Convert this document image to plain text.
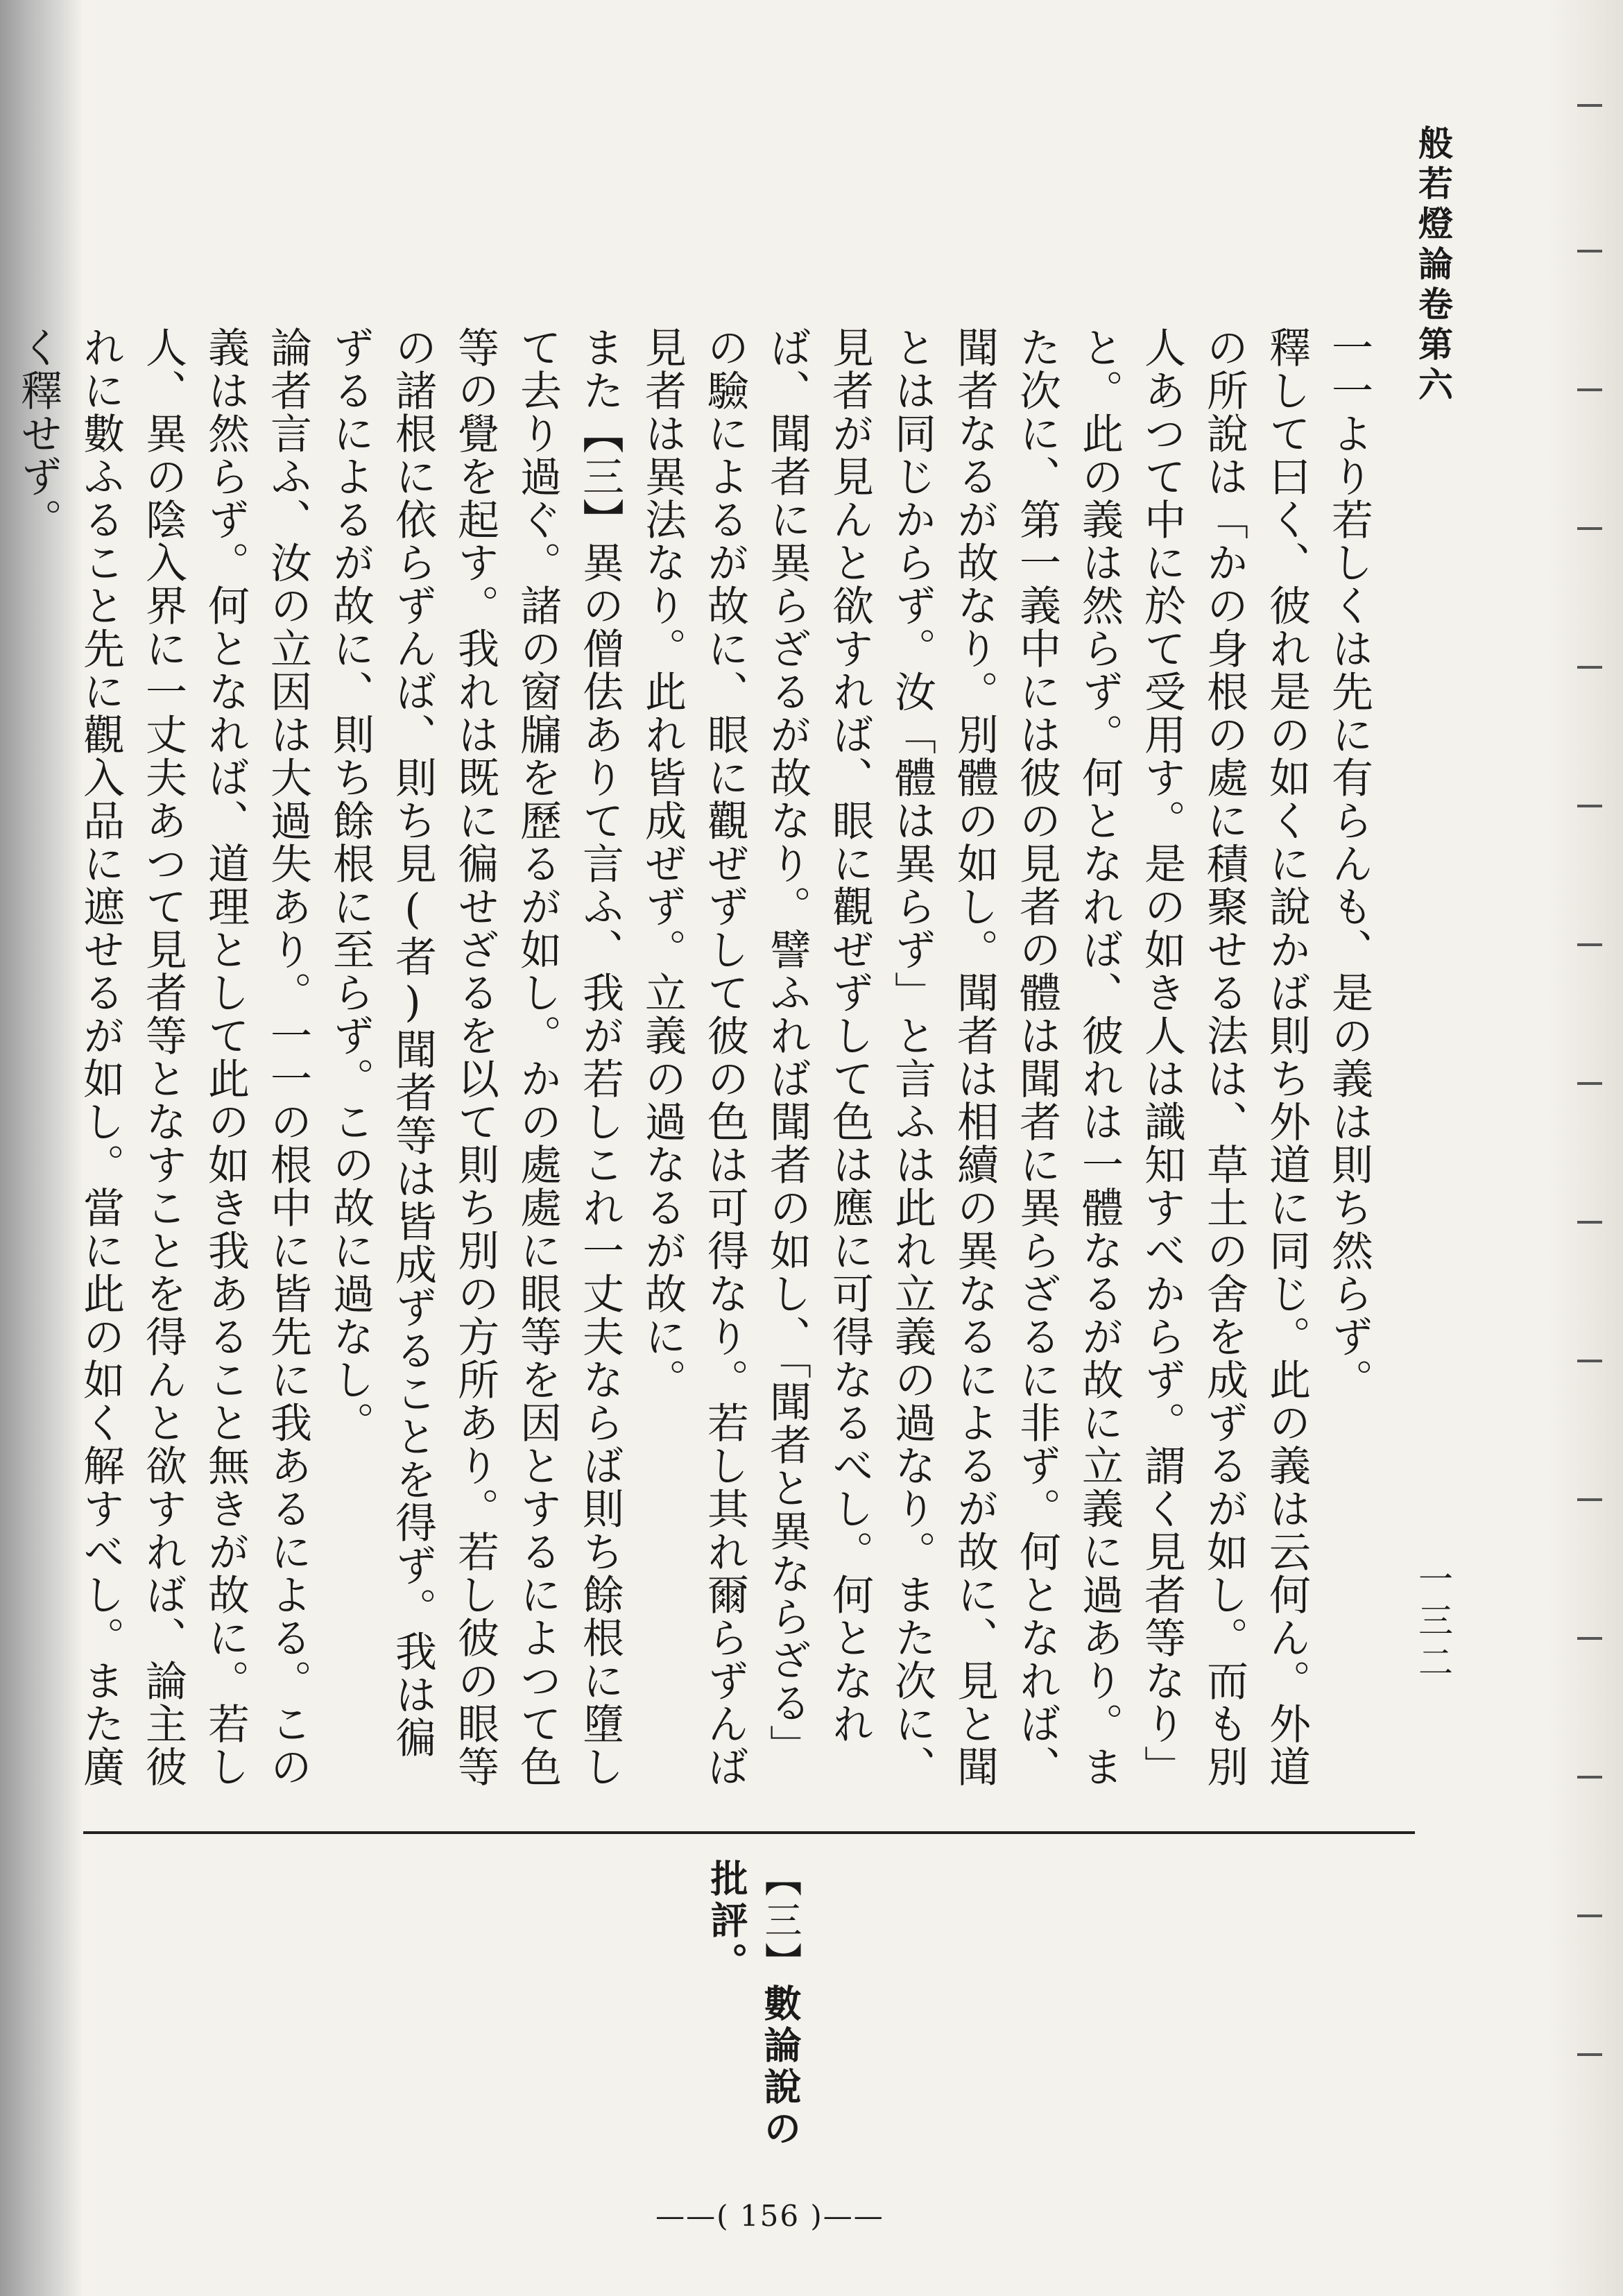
般若燈論卷第六
一三二

一一より若しくは先に有らんも、是の義は則ち然らず。

釋して曰く、彼れ是の如くに說かば則ち外道に同じ。此の義は云何ん。外道の所說は「かの身根の處に積聚せる法は、草土の舍を成ずるが如し。而も別人あつて中に於て受用す。是の如き人は識知すべからず。謂く見者等なり」と。此の義は然らず。何となれば、彼れは一體なるが故に立義に過あり。また次に、第一義中には彼の見者の體は聞者に異らざるに非ず。何となれば、聞者なるが故なり。別體の如し。聞者は相續の異なるによるが故に、見と聞とは同じからず。汝「體は異らず」と言ふは此れ立義の過なり。また次に、見者が見んと欲すれば、眼に觀ぜずして色は應に可得なるべし。何となれば、聞者に異らざるが故なり。譬ふれば聞者の如し、「聞者と異ならざる」の驗によるが故に、眼に觀ぜずして彼の色は可得なり。若し其れ爾らずんば見者は異法なり。此れ皆成ぜず。立義の過なるが故に。

また【三】異の僧佉ありて言ふ、我が若しこれ一丈夫ならば則ち餘根に墮して去り過ぐ。諸の窗牖を歷るが如し。かの處處に眼等を因とするによつて色等の覺を起す。我れは既に徧せざるを以て則ち別の方所あり。若し彼の眼等の諸根に依らずんば、則ち見(者)聞者等は皆成ずることを得ず。我は徧ずるによるが故に、則ち餘根に至らず。この故に過なし。

論者言ふ、汝の立因は大過失あり。一一の根中に皆先に我あるによる。この義は然らず。何となれば、道理として此の如き我あること無きが故に。若し人、異の陰入界に一丈夫あつて見者等となすことを得んと欲すれば、論主彼れに數ふること先に觀入品に遮せるが如し。當に此の如く解すべし。また廣く釋せず。

【三】數論說の批評。
——( 156 )——
